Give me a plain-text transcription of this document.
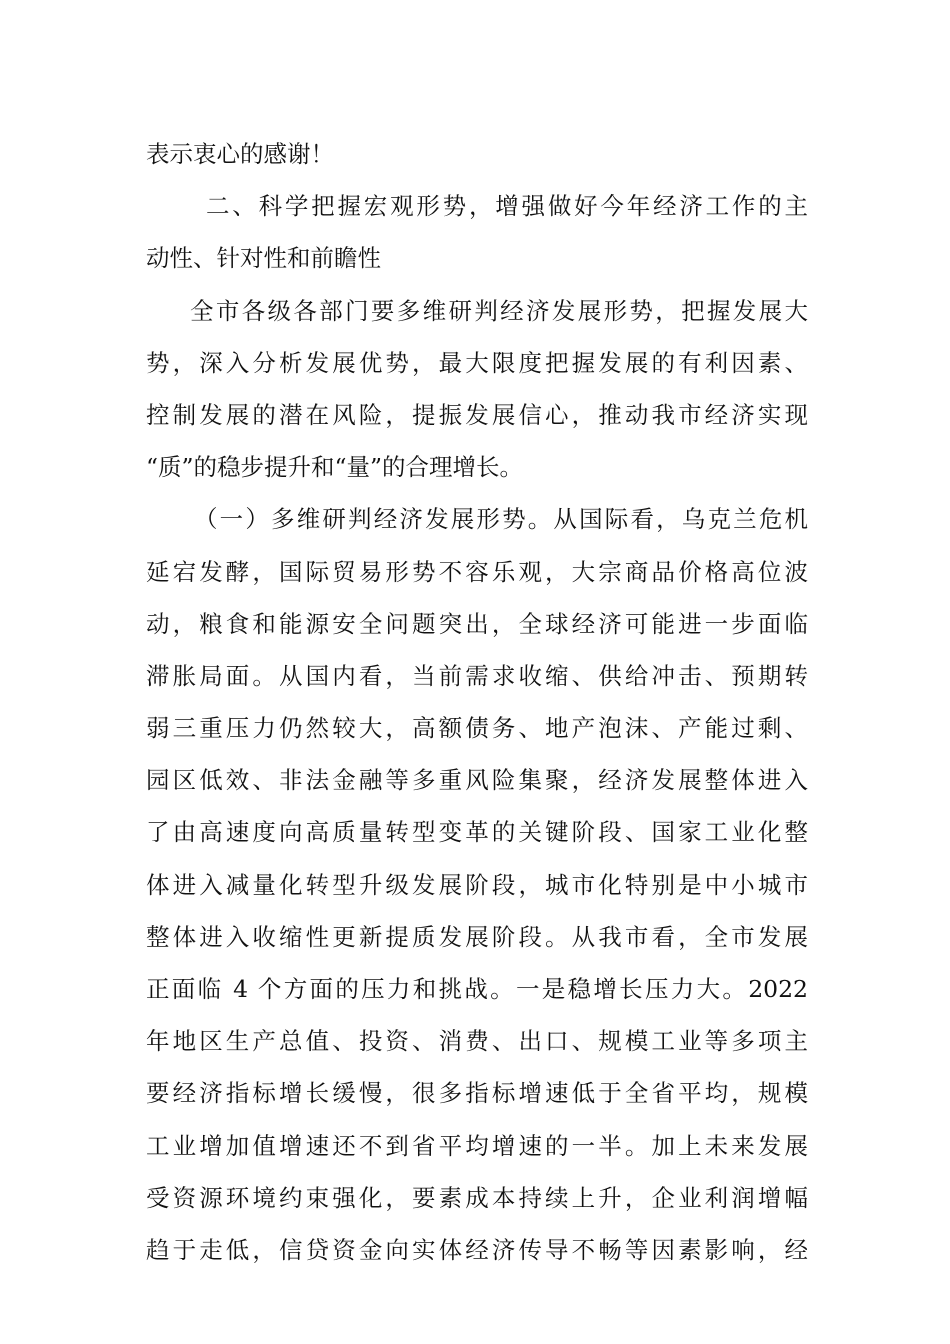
表示衷心的感谢！
二、科学把握宏观形势，增强做好今年经济工作的主
动性、针对性和前瞻性
全市各级各部门要多维研判经济发展形势，把握发展大
势，深入分析发展优势，最大限度把握发展的有利因素、
控制发展的潜在风险，提振发展信心，推动我市经济实现
“质”的稳步提升和“量”的合理增长。
（一）多维研判经济发展形势。从国际看，乌克兰危机
延宕发酵，国际贸易形势不容乐观，大宗商品价格高位波
动，粮食和能源安全问题突出，全球经济可能进一步面临
滞胀局面。从国内看，当前需求收缩、供给冲击、预期转
弱三重压力仍然较大，高额债务、地产泡沫、产能过剩、
园区低效、非法金融等多重风险集聚，经济发展整体进入
了由高速度向高质量转型变革的关键阶段、国家工业化整
体进入减量化转型升级发展阶段，城市化特别是中小城市
整体进入收缩性更新提质发展阶段。从我市看，全市发展
正面临 4 个方面的压力和挑战。一是稳增长压力大。2022
年地区生产总值、投资、消费、出口、规模工业等多项主
要经济指标增长缓慢，很多指标增速低于全省平均，规模
工业增加值增速还不到省平均增速的一半。加上未来发展
受资源环境约束强化，要素成本持续上升，企业利润增幅
趋于走低，信贷资金向实体经济传导不畅等因素影响，经
